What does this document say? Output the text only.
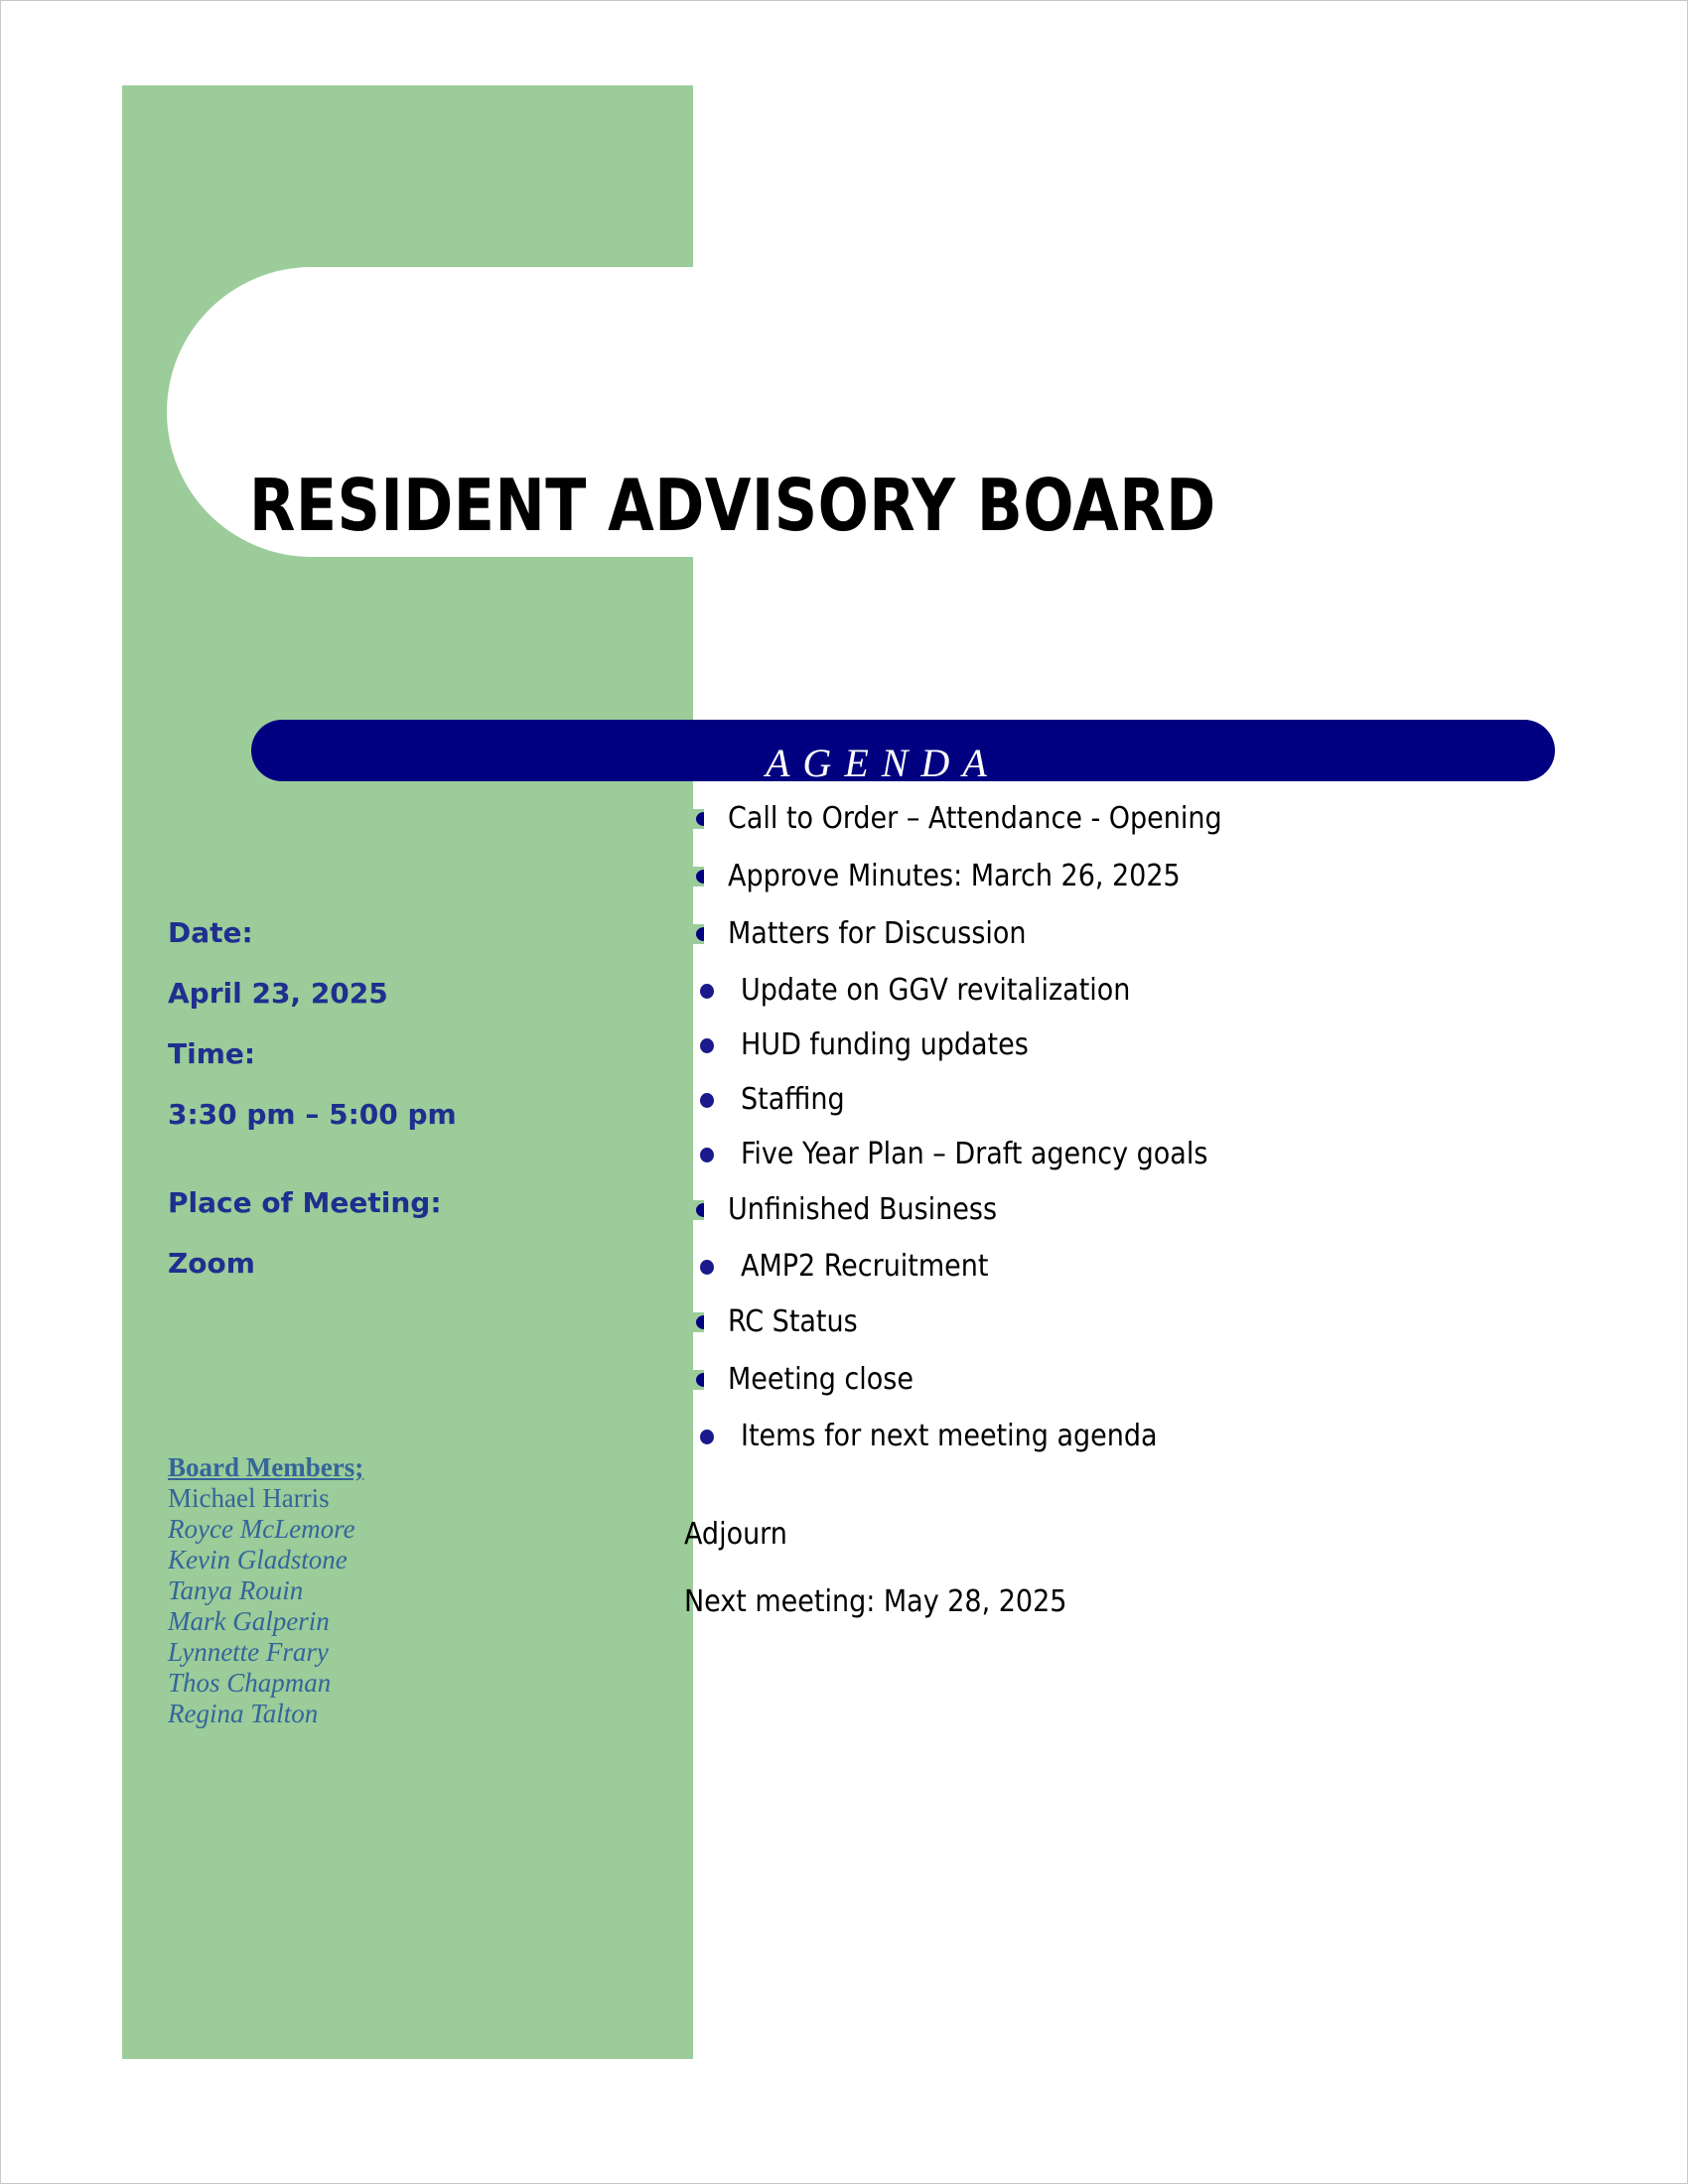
RESIDENT ADVISORY BOARD
AGENDA
Date:
April 23, 2025
Time:
3:30 pm – 5:00 pm
Place of Meeting:
Zoom
Board Members;
Michael Harris
Royce McLemore
Kevin Gladstone
Tanya Rouin
Mark Galperin
Lynnette Frary
Thos Chapman
Regina Talton
Call to Order – Attendance - Opening
Approve Minutes: March 26, 2025
Matters for Discussion
Update on GGV revitalization
HUD funding updates
Staffing
Five Year Plan – Draft agency goals
Unfinished Business
AMP2 Recruitment
RC Status
Meeting close
Items for next meeting agenda
Adjourn
Next meeting: May 28, 2025
